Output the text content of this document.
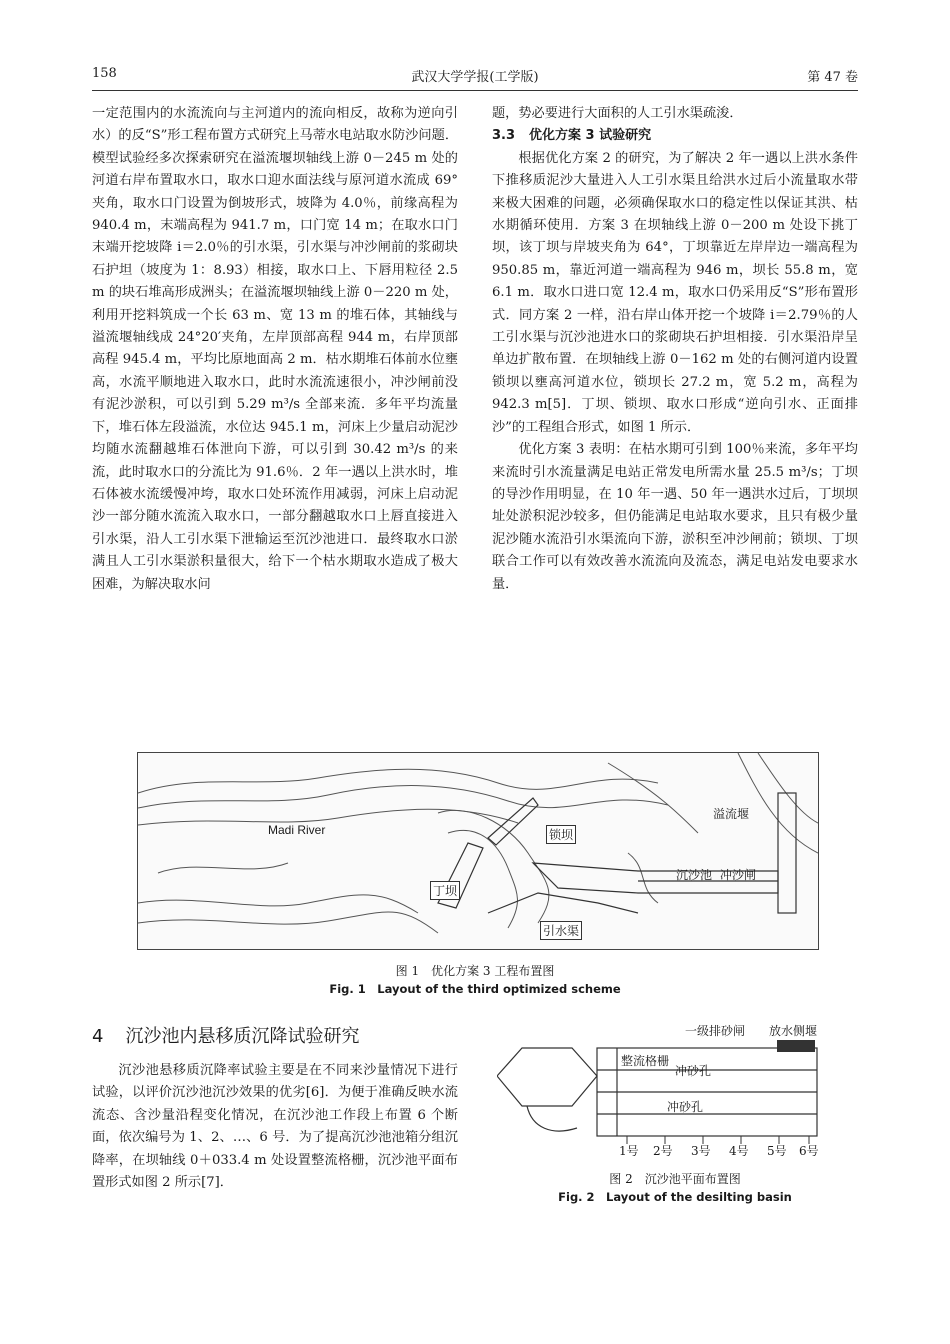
158	武汉大学学报(工学版)	第 47 卷

一定范围内的水流流向与主河道内的流向相反，故称为逆向引水）的反“S”形工程布置方式研究上马蒂水电站取水防沙问题．模型试验经多次探索研究在溢流堰坝轴线上游 0－245 m 处的河道右岸布置取水口，取水口迎水面法线与原河道水流成 69°夹角，取水口门设置为倒坡形式，坡降为 4.0％，前缘高程为 940.4 m，末端高程为 941.7 m，口门宽 14 m；在取水口门末端开挖坡降 i＝2.0％的引水渠，引水渠与冲沙闸前的浆砌块石护坦（坡度为 1：8.93）相接，取水口上、下唇用粒径 2.5 m 的块石堆高形成洲头；在溢流堰坝轴线上游 0－220 m 处，利用开挖料筑成一个长 63 m、宽 13 m 的堆石体，其轴线与溢流堰轴线成 24°20′夹角，左岸顶部高程 944 m，右岸顶部高程 945.4 m，平均比原地面高 2 m．枯水期堆石体前水位壅高，水流平顺地进入取水口，此时水流流速很小，冲沙闸前没有泥沙淤积，可以引到 5.29 m³/s 全部来流．多年平均流量下，堆石体左段溢流，水位达 945.1 m，河床上少量启动泥沙均随水流翻越堆石体泄向下游，可以引到 30.42 m³/s 的来流，此时取水口的分流比为 91.6％．2 年一遇以上洪水时，堆石体被水流缓慢冲垮，取水口处环流作用减弱，河床上启动泥沙一部分随水流流入取水口，一部分翻越取水口上唇直接进入引水渠，沿人工引水渠下泄输运至沉沙池进口．最终取水口淤满且人工引水渠淤积量很大，给下一个枯水期取水造成了极大困难，为解决取水问

题，势必要进行大面积的人工引水渠疏浚．

3.3 优化方案 3 试验研究

根据优化方案 2 的研究，为了解决 2 年一遇以上洪水条件下推移质泥沙大量进入人工引水渠且给洪水过后小流量取水带来极大困难的问题，必须确保取水口的稳定性以保证其洪、枯水期循环使用．方案 3 在坝轴线上游 0－200 m 处设下挑丁坝，该丁坝与岸坡夹角为 64°，丁坝靠近左岸岸边一端高程为 950.85 m，靠近河道一端高程为 946 m，坝长 55.8 m，宽 6.1 m．取水口进口宽 12.4 m，取水口仍采用反“S”形布置形式．同方案 2 一样，沿右岸山体开挖一个坡降 i＝2.79％的人工引水渠与沉沙池进水口的浆砌块石护坦相接．引水渠沿岸呈单边扩散布置．在坝轴线上游 0－162 m 处的右侧河道内设置锁坝以壅高河道水位，锁坝长 27.2 m，宽 5.2 m，高程为 942.3 m[5]．丁坝、锁坝、取水口形成“逆向引水、正面排沙”的工程组合形式，如图 1 所示．

优化方案 3 表明：在枯水期可引到 100％来流，多年平均来流时引水流量满足电站正常发电所需水量 25.5 m³/s；丁坝的导沙作用明显，在 10 年一遇、50 年一遇洪水过后，丁坝坝址处淤积泥沙较多，但仍能满足电站取水要求，且只有极少量泥沙随水流沿引水渠流向下游，淤积至冲沙闸前；锁坝、丁坝联合工作可以有效改善水流流向及流态，满足电站发电要求水量．

Madi River	锁坝
溢流堰
丁坝
沉沙池 冲沙闸
引水渠
图 1　优化方案 3 工程布置图
Fig. 1　Layout of the third optimized scheme
4 沉沙池内悬移质沉降试验研究

沉沙池悬移质沉降率试验主要是在不同来沙量情况下进行试验，以评价沉沙池沉沙效果的优劣[6]．为便于准确反映水流流态、含沙量沿程变化情况，在沉沙池工作段上布置 6 个断面，依次编号为 1、2、…、6 号．为了提高沉沙池池箱分组沉降率，在坝轴线 0＋033.4 m 处设置整流格栅，沉沙池平面布置形式如图 2 所示[7]．

整流格栅
一级排砂闸 放水侧堰
冲砂孔
冲砂孔
1号 2号 3号 4号 5号 6号
图 2　沉沙池平面布置图
Fig. 2　Layout of the desilting basin
